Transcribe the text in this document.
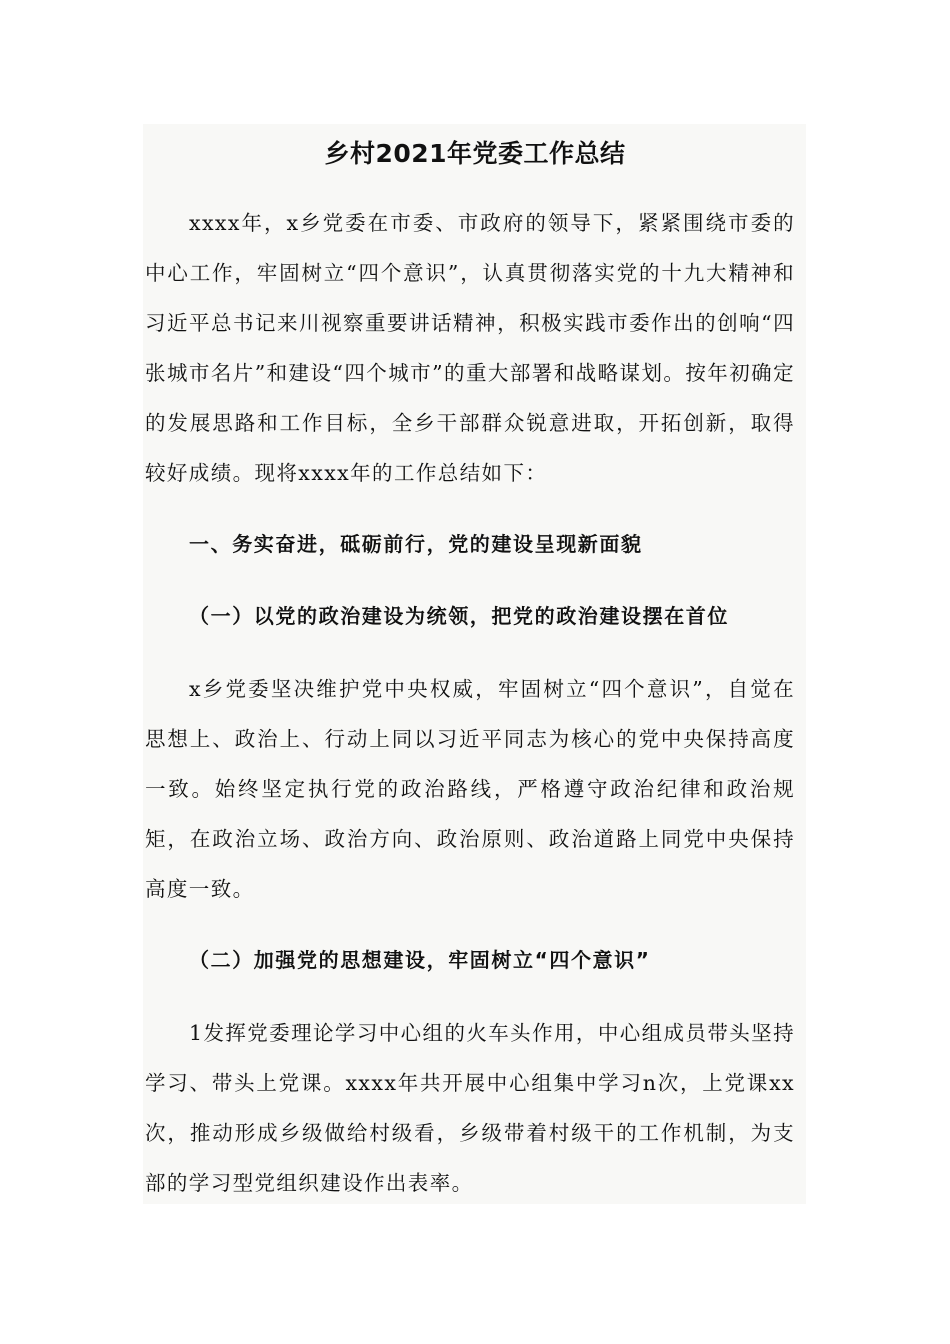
乡村2021年党委工作总结

xxxx年，x乡党委在市委、市政府的领导下，紧紧围绕市委的中心工作，牢固树立“四个意识”，认真贯彻落实党的十九大精神和习近平总书记来川视察重要讲话精神，积极实践市委作出的创响“四张城市名片”和建设“四个城市”的重大部署和战略谋划。按年初确定的发展思路和工作目标，全乡干部群众锐意进取，开拓创新，取得较好成绩。现将xxxx年的工作总结如下：

一、务实奋进，砥砺前行，党的建设呈现新面貌
（一）以党的政治建设为统领，把党的政治建设摆在首位

x乡党委坚决维护党中央权威，牢固树立“四个意识”，自觉在思想上、政治上、行动上同以习近平同志为核心的党中央保持高度一致。始终坚定执行党的政治路线，严格遵守政治纪律和政治规矩，在政治立场、政治方向、政治原则、政治道路上同党中央保持高度一致。

（二）加强党的思想建设，牢固树立“四个意识”

1发挥党委理论学习中心组的火车头作用，中心组成员带头坚持学习、带头上党课。xxxx年共开展中心组集中学习n次，上党课xx次，推动形成乡级做给村级看，乡级带着村级干的工作机制，为支部的学习型党组织建设作出表率。
